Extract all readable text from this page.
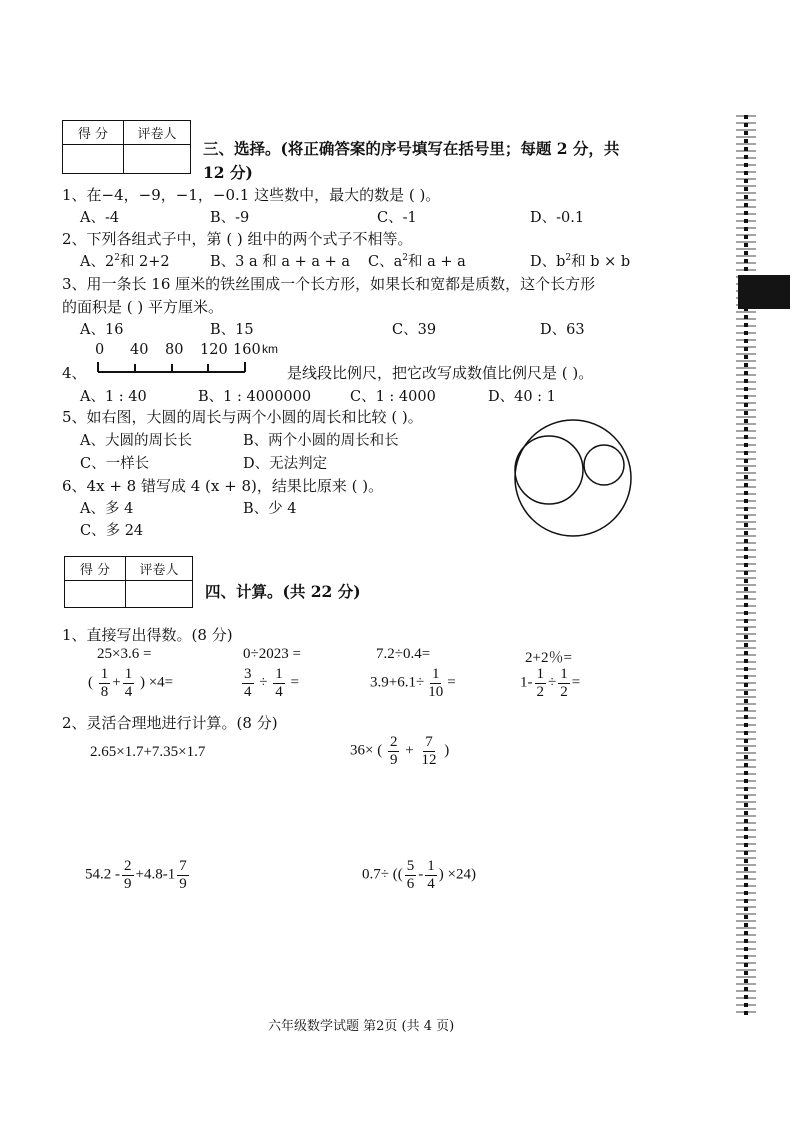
得 分	评卷人

三、选择。(将正确答案的序号填写在括号里；每题 2 分，共
12 分)
1、在−4，−9，−1，−0.1 这些数中，最大的数是 ( )。
A、-4	B、-9	C、-1	D、-0.1
2、下列各组式子中，第 ( ) 组中的两个式子不相等。
A、$2^2$和 2+2	B、3 a 和 a + a + a C、$a^2$和 a + a	D、$b^2$和 b × b
3、用一条长 16 厘米的铁丝围成一个长方形，如果长和宽都是质数，这个长方形
的面积是 ( ) 平方厘米。
A、16	B、15	C、39	D、63
4、
0 40 80 120 160 km
是线段比例尺，把它改写成数值比例尺是 ( )。
A、1 : 40	B、1 : 4000000	C、1 : 4000	D、40 : 1
5、如右图，大圆的周长与两个小圆的周长和比较 ( )。
A、大圆的周长长	B、两个小圆的周长和长
C、一样长	D、无法判定
6、4x + 8 错写成 4 (x + 8)，结果比原来 ( )。
A、多 4	B、少 4
C、多 24
得 分	评卷人

四、计算。(共 22 分)
1、直接写出得数。(8 分)
25×3.6 =	0÷2023 =	7.2÷0.4=	2+2％=
( $\frac{1}{8} + \frac{1}{4}$ ) ×4=	$\frac{3}{4} \div \frac{1}{4}$ =	$3.9+6.1\div \frac{1}{10}$ =	$1- \frac{1}{2} \div \frac{1}{2}$ =
2、灵活合理地进行计算。(8 分)
2.65×1.7+7.35×1.7	36× ( $\frac{2}{9} + \frac{7}{12}$ )
$54.2 - \frac{2}{9} +4.8-1 \frac{7}{9}$	0.7÷ (( $\frac{5}{6} - \frac{1}{4}$ ) ×24)
六年级数学试题 第2页 (共 4 页)
